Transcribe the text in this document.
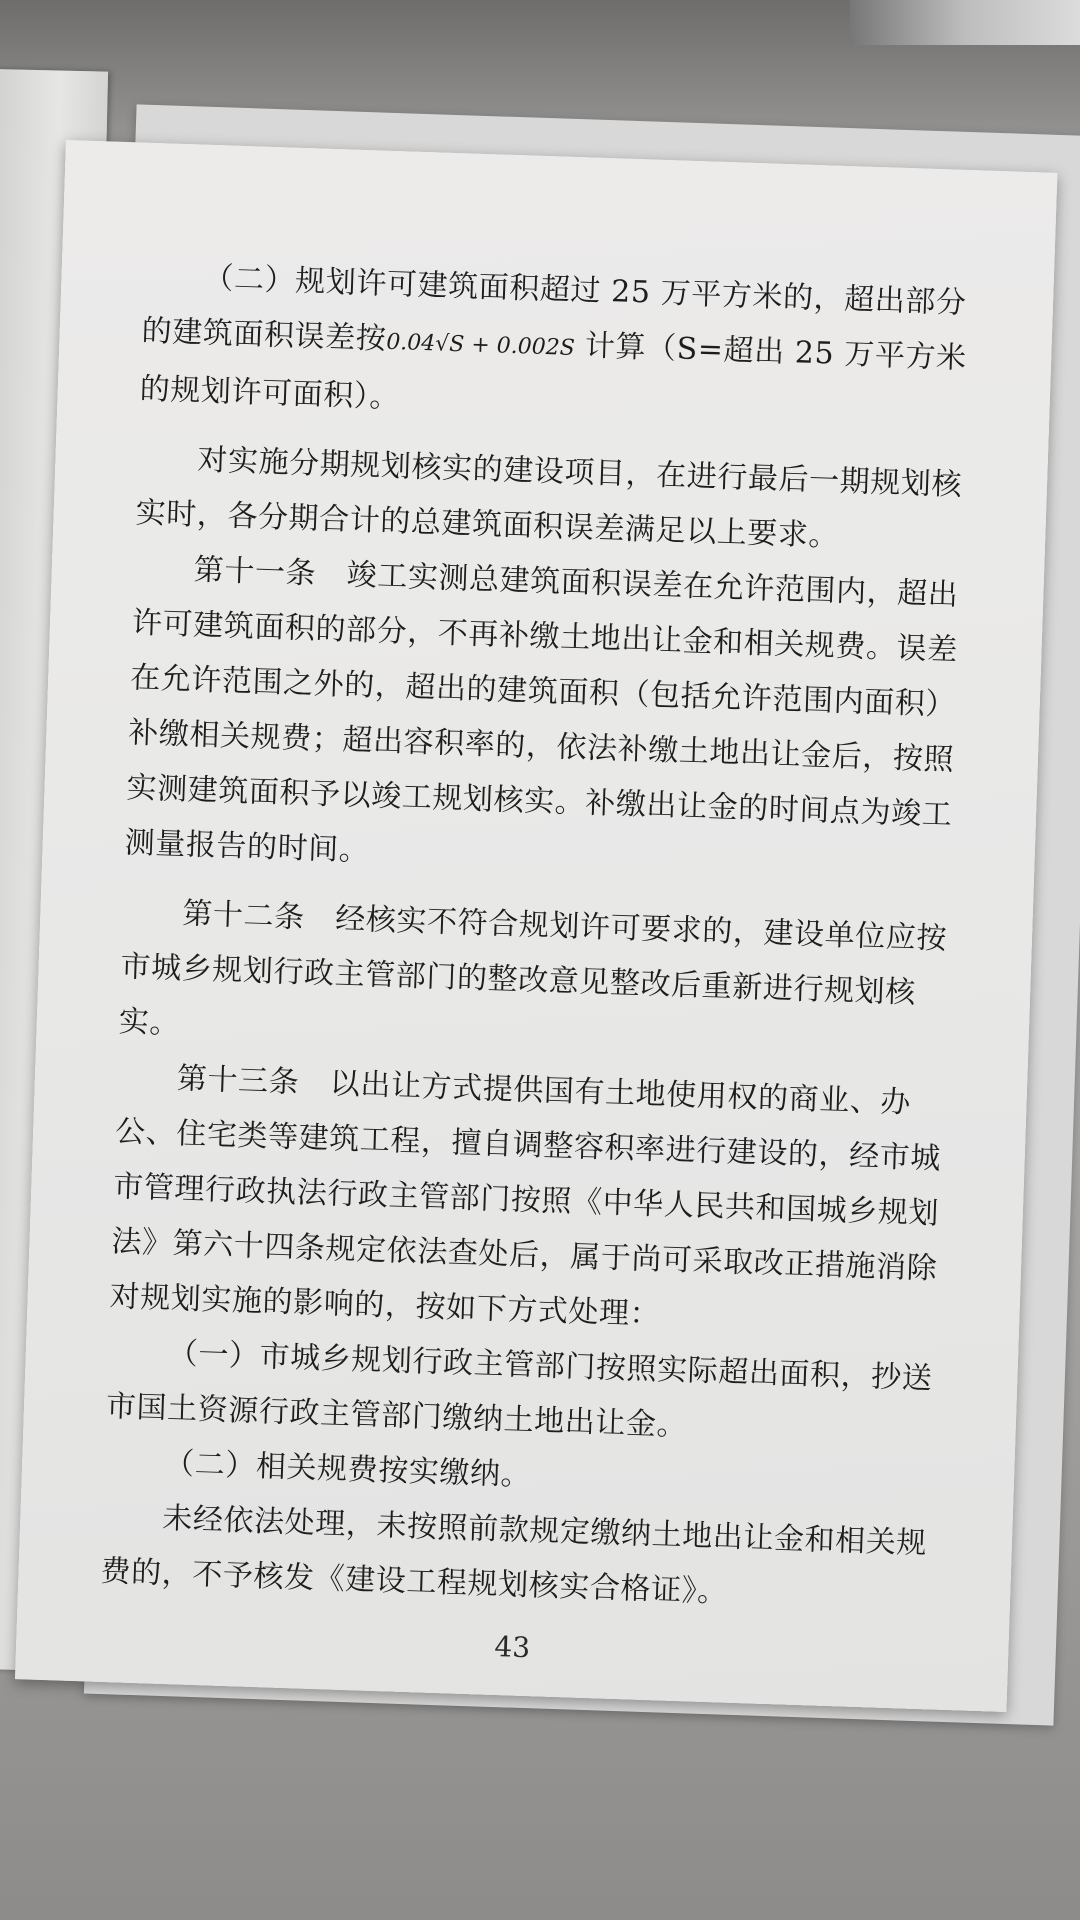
（二）规划许可建筑面积超过 25 万平方米的，超出部分的建筑面积误差按0.04√S + 0.002S 计算（S=超出 25 万平方米的规划许可面积）。

对实施分期规划核实的建设项目，在进行最后一期规划核实时，各分期合计的总建筑面积误差满足以上要求。

第十一条　竣工实测总建筑面积误差在允许范围内，超出许可建筑面积的部分，不再补缴土地出让金和相关规费。误差在允许范围之外的，超出的建筑面积（包括允许范围内面积）补缴相关规费；超出容积率的，依法补缴土地出让金后，按照实测建筑面积予以竣工规划核实。补缴出让金的时间点为竣工测量报告的时间。

第十二条　经核实不符合规划许可要求的，建设单位应按市城乡规划行政主管部门的整改意见整改后重新进行规划核实。

第十三条　以出让方式提供国有土地使用权的商业、办公、住宅类等建筑工程，擅自调整容积率进行建设的，经市城市管理行政执法行政主管部门按照《中华人民共和国城乡规划法》第六十四条规定依法查处后，属于尚可采取改正措施消除对规划实施的影响的，按如下方式处理：

（一）市城乡规划行政主管部门按照实际超出面积，抄送市国土资源行政主管部门缴纳土地出让金。

（二）相关规费按实缴纳。

未经依法处理，未按照前款规定缴纳土地出让金和相关规费的，不予核发《建设工程规划核实合格证》。

43
